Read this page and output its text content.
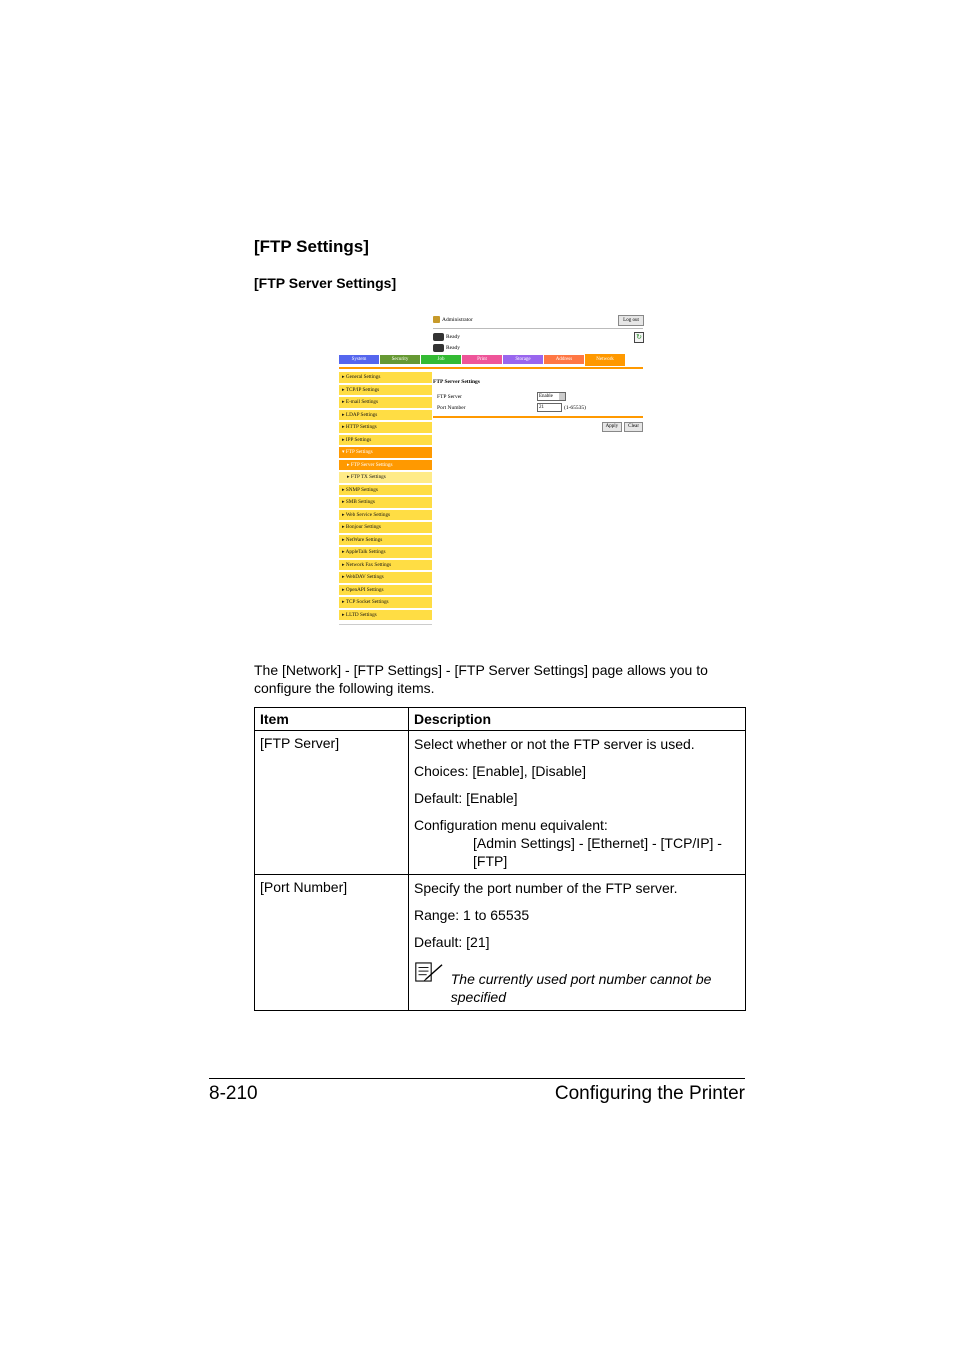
[FTP Settings]
[FTP Server Settings]
Administrator	Log out
Ready
Ready
↻
System	Security	Job	Print	Storage	Address	Network
▸ General Settings
▸ TCP/IP Settings
▸ E-mail Settings
▸ LDAP Settings
▸ HTTP Settings
▸ IPP Settings
▾ FTP Settings
▸ FTP Server Settings
▸ FTP TX Settings
▸ SNMP Settings
▸ SMB Settings
▸ Web Service Settings
▸ Bonjour Settings
▸ NetWare Settings
▸ AppleTalk Settings
▸ Network Fax Settings
▸ WebDAV Settings
▸ OpenAPI Settings
▸ TCP Socket Settings
▸ LLTD Settings
FTP Server Settings
FTP Server	Enable
Port Number	21	(1-65535)
Apply	Clear
The [Network] - [FTP Settings] - [FTP Server Settings] page allows you to configure the following items.
Item	Description
[FTP Server]	Select whether or not the FTP server is used.
Choices: [Enable], [Disable]
Default: [Enable]
Configuration menu equivalent:
[Admin Settings] - [Ethernet] - [TCP/IP] - [FTP]

[Port Number]	Specify the port number of the FTP server.
Range: 1 to 65535
Default: [21]
The currently used port number cannot be specified
8-210	Configuring the Printer
